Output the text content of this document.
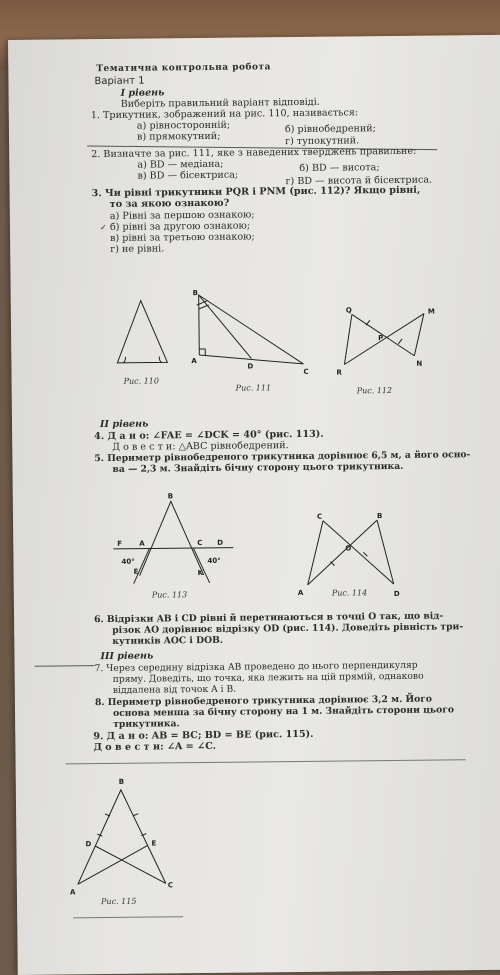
Тематична контрольна робота
Варіант 1
I рівень
Виберіть правильний варіант відповіді.
1. Трикутник, зображений на рис. 110, називається:
а) рівносторонній;	б) рівнобедрений;
в) прямокутний;	г) тупокутний.
2. Визначте за рис. 111, яке з наведених тверджень правильне:
а) BD — медіана;	б) BD — висота;
в) BD — бісектриса;	г) BD — висота й бісектриса.
3. Чи рівні трикутники PQR і PNM (рис. 112)? Якщо рівні,
то за якою ознакою?
а) Рівні за першою ознакою;
✓ б) рівні за другою ознакою;
в) рівні за третьою ознакою;
г) не рівні.
Рис. 110
B
A
D
C
Рис. 111
Q	M
P
R
N
Рис. 112
II рівень
4. Д а н о: ∠FAE = ∠DCK = 40° (рис. 113).
Д о в е с т и: △ABC рівнобедрений.
5. Периметр рівнобедреного трикутника дорівнює 6,5 м, а його осно-
ва — 2,3 м. Знайдіть бічну сторону цього трикутника.
B
F A	C D
40°	40°
E	K
Рис. 113
C	B
O
A	D
Рис. 114
6. Відрізки AB і CD рівні й перетинаються в точці O так, що від-
різок AO дорівнює відрізку OD (рис. 114). Доведіть рівність три-
кутників AOC і DOB.
III рівень
7. Через середину відрізка AB проведено до нього перпендикуляр
пряму. Доведіть, що точка, яка лежить на цій прямій, однаково
віддалена від точок A і B.
8. Периметр рівнобедреного трикутника дорівнює 3,2 м. Його
основа менша за бічну сторону на 1 м. Знайдіть сторони цього
трикутника.
9. Д а н о: AB = BC; BD = BE (рис. 115).
Д о в е с т и: ∠A = ∠C.
B
D	E
A
C
Рис. 115
